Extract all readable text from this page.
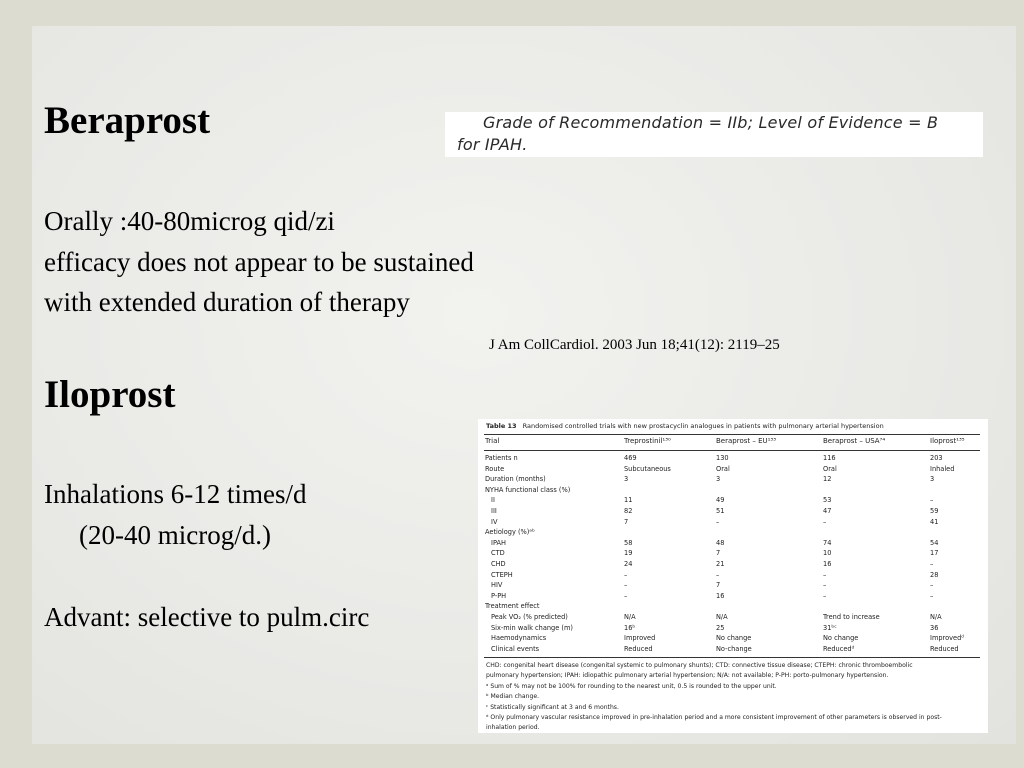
Beraprost	Grade of Recommendation = IIb; Level of Evidence = B
for IPAH.

Orally :40-80microg qid/zi

efficacy does not appear to be sustained

with extended duration of therapy

J Am CollCardiol. 2003 Jun 18;41(12): 2119–25
Iloprost

Inhalations 6-12 times/d

(20-40 microg/d.)

Advant: selective to pulm.circ

Table 13 Randomised controlled trials with new prostacyclin analogues in patients with pulmonary arterial hypertension
Trial	Treprostinil¹³⁰	Beraprost – EU¹³³	Beraprost – USA⁷⁴	Iloprost¹³⁵
Patients n	469	130	116	203
Route	Subcutaneous	Oral	Oral	Inhaled
Duration (months)	3	3	12	3
NYHA functional class (%)
II	11	49	53	–
III	82	51	47	59
IV	7	–	–	41
Aetiology (%)ᵃᵇ
IPAH	58	48	74	54
CTD	19	7	10	17
CHD	24	21	16	–
CTEPH	–	–	–	28
HIV	–	7	–	–
P-PH	–	16	–	–
Treatment effect
Peak VO₂ (% predicted)	N/A	N/A	Trend to increase	N/A
Six-min walk change (m)	16ᵇ	25	31ᵇᶜ	36
Haemodynamics	Improved	No change	No change	Improvedᵈ
Clinical events	Reduced	No-change	Reducedᵈ	Reduced
CHD: congenital heart disease (congenital systemic to pulmonary shunts); CTD: connective tissue disease; CTEPH: chronic thromboembolic
pulmonary hypertension; IPAH: idiopathic pulmonary arterial hypertension; N/A: not available; P-PH: porto-pulmonary hypertension.
ᵃ Sum of % may not be 100% for rounding to the nearest unit, 0.5 is rounded to the upper unit.
ᵇ Median change.
ᶜ Statistically significant at 3 and 6 months.
ᵈ Only pulmonary vascular resistance improved in pre-inhalation period and a more consistent improvement of other parameters is observed in post-
inhalation period.
